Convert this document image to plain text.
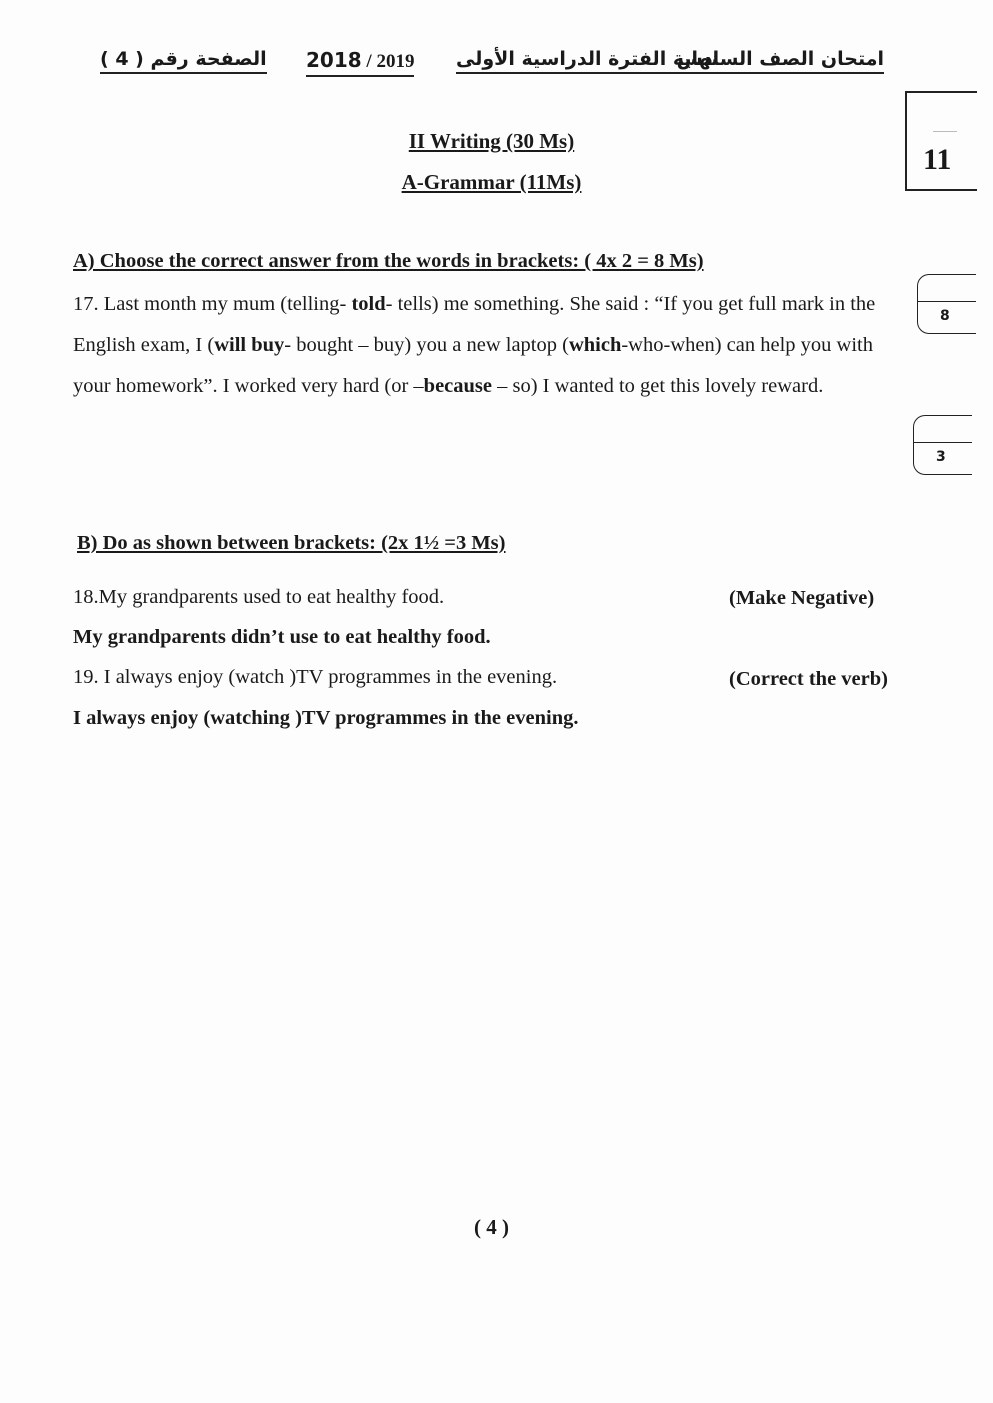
الصفحة رقم ( 4 ) 2018 / 2019 نهاية الفترة الدراسية الأولى
امتحان الصف السادس
11
8
3
II Writing (30 Ms)
A-Grammar (11Ms)
A) Choose the correct answer from the words in brackets: ( 4x 2 = 8 Ms)
17. Last month my mum (telling- told- tells) me something. She said : “If you get full mark in the English exam, I (will buy- bought – buy) you a new laptop (which-who-when) can help you with your homework”. I worked very hard (or –because – so) I wanted to get this lovely reward.
B) Do as shown between brackets: (2x 1½ =3 Ms)
18.My grandparents used to eat healthy food.	(Make Negative)
My grandparents didn’t use to eat healthy food.
19. I always enjoy (watch )TV programmes in the evening.	(Correct the verb)
I always enjoy (watching )TV programmes in the evening.
( 4 )
